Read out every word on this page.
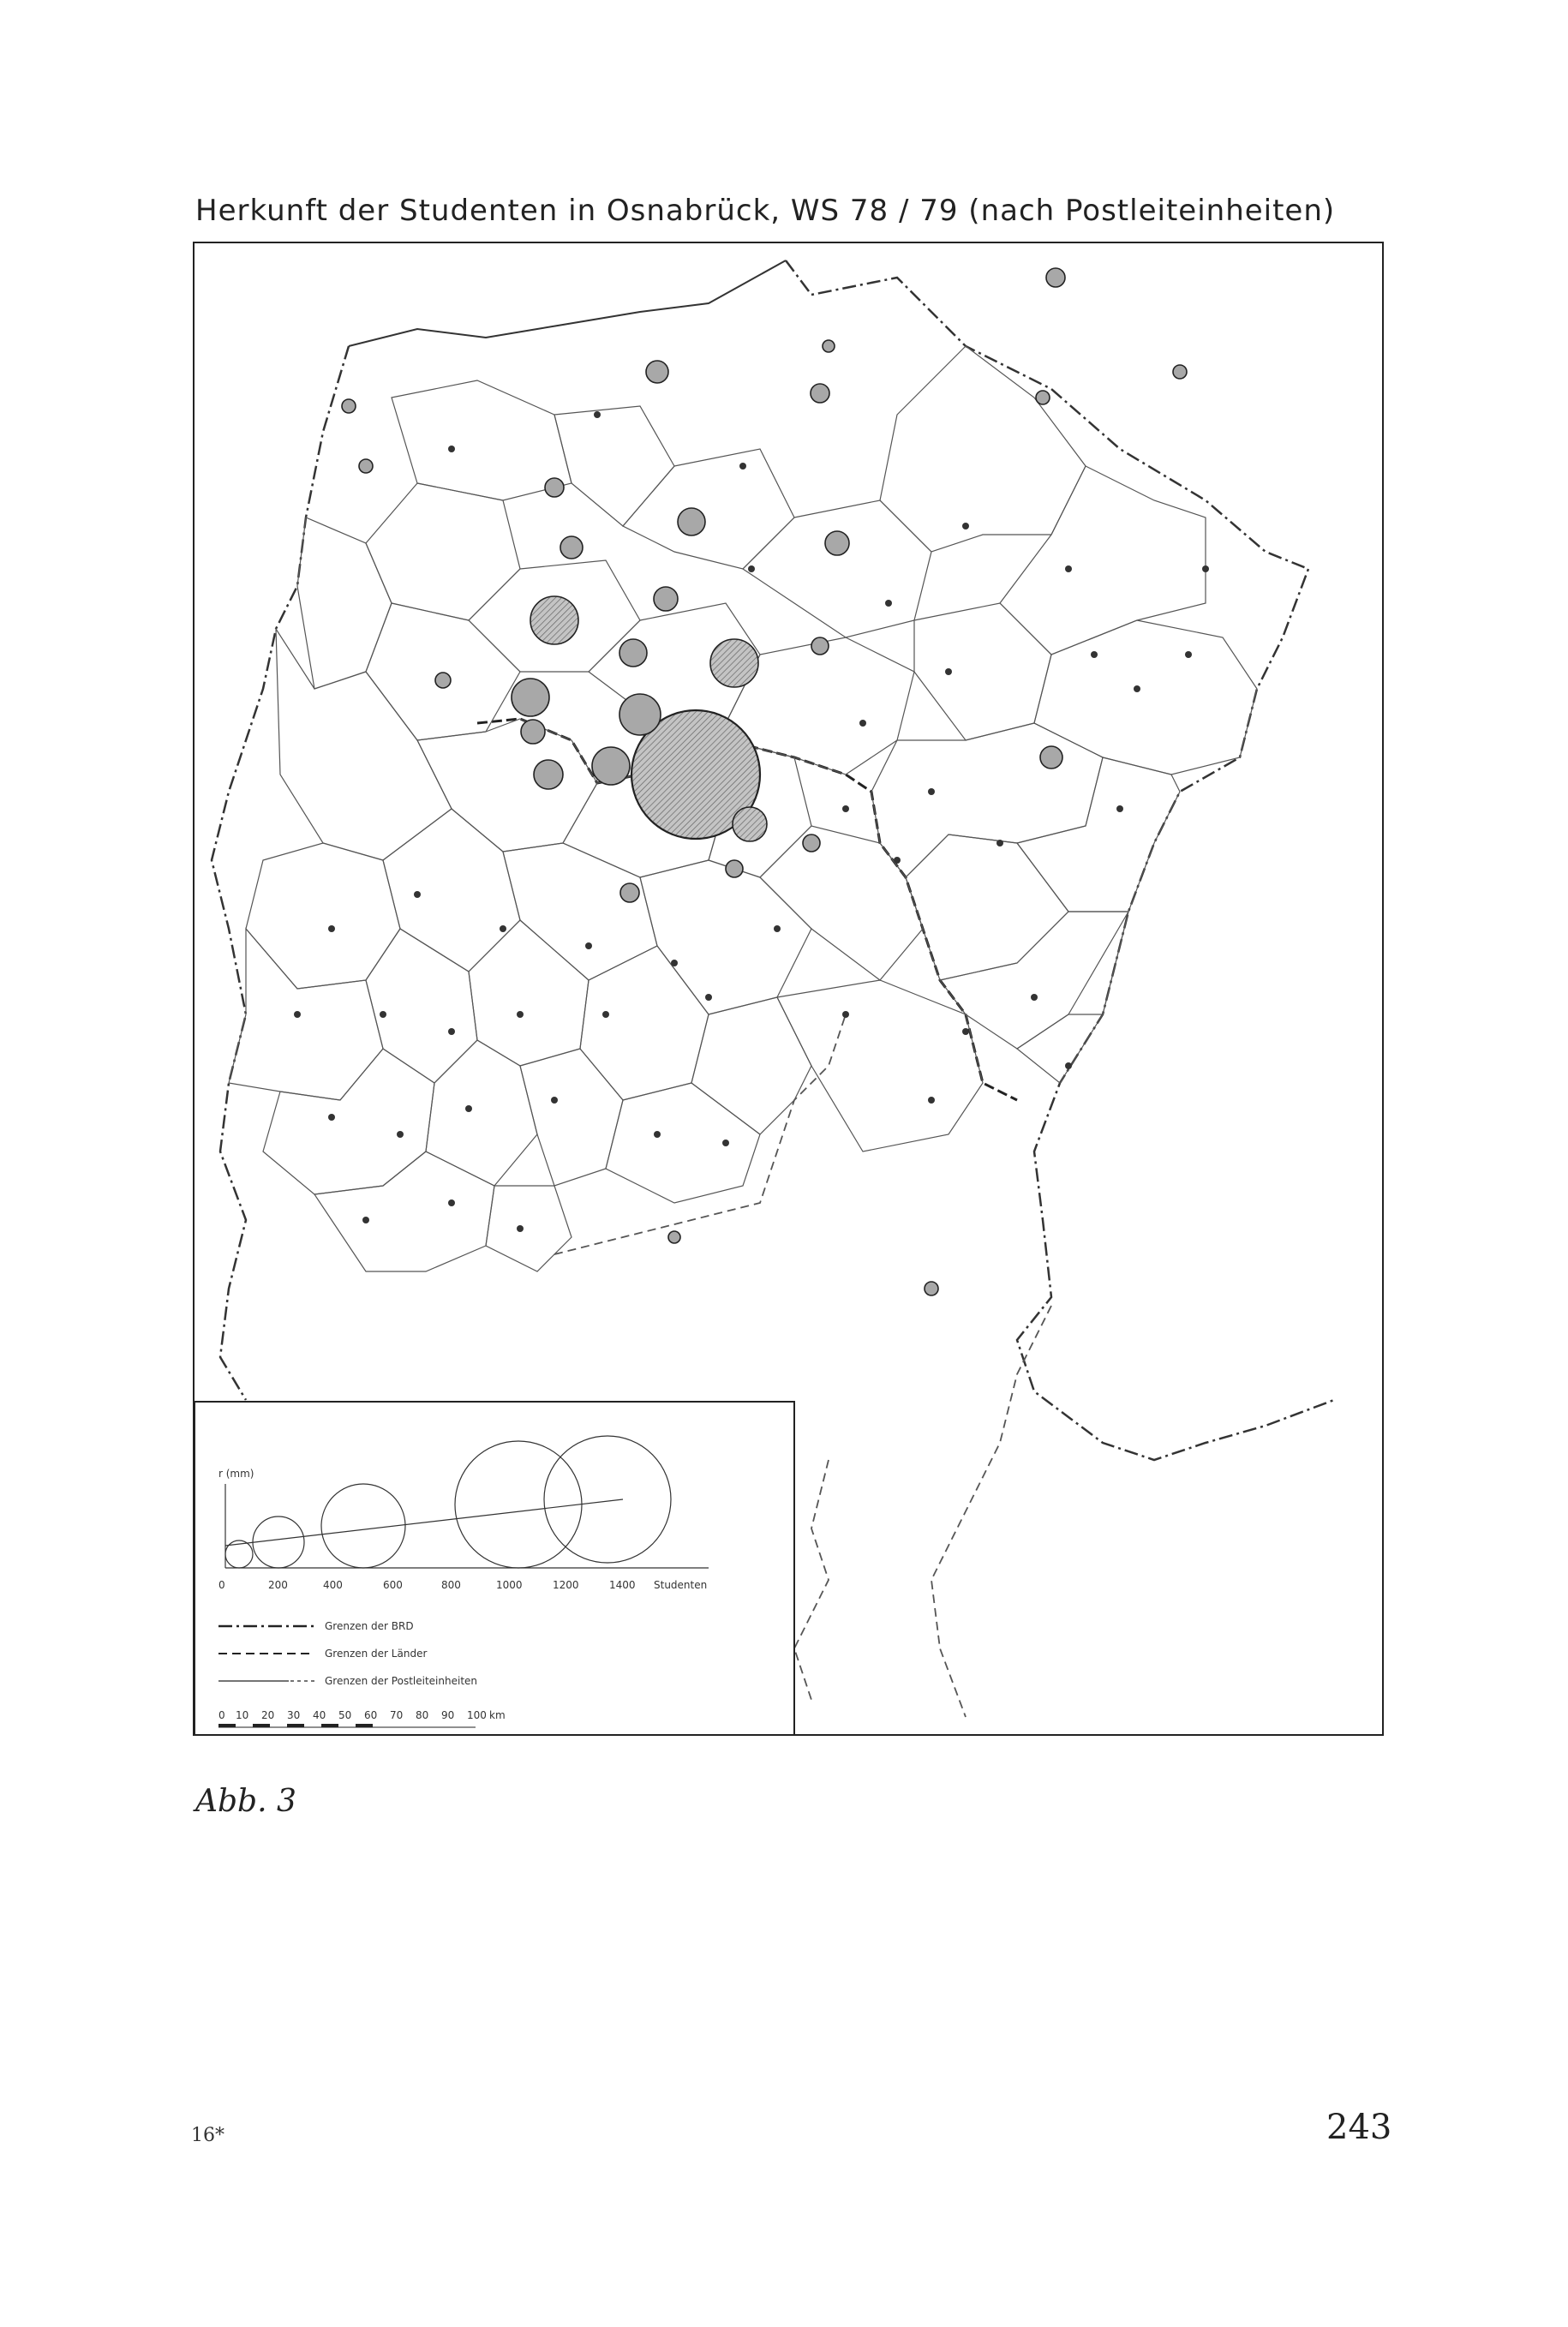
Herkunft der Studenten in Osnabrück, WS 78 / 79 (nach Postleiteinheiten)
r (mm)
0	200	400	600	800	1000	1200	1400 Studenten
Grenzen der BRD
Grenzen der Länder
Grenzen der Postleiteinheiten
0 10 20 30 40 50 60 70 80 90 100 km
Abb. 3
16*	243
